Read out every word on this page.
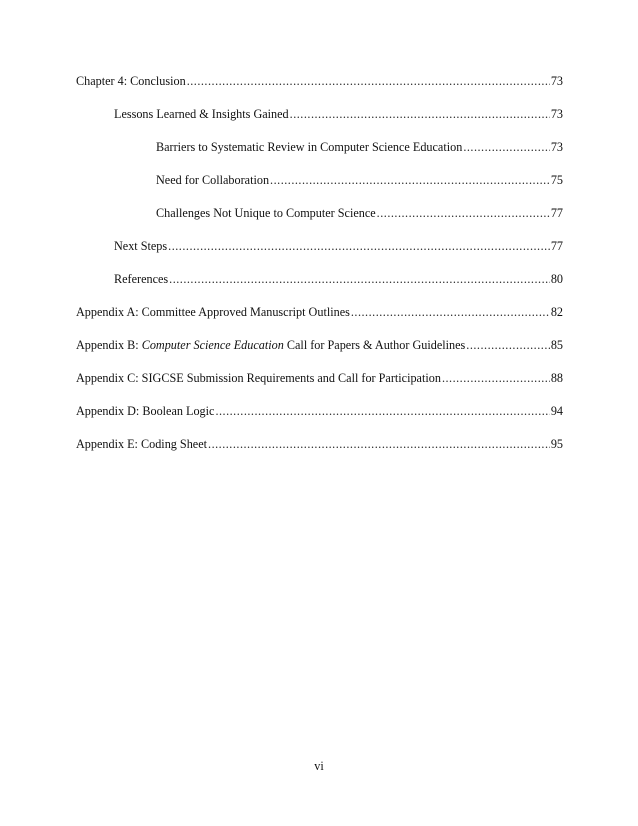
Chapter 4: Conclusion .....	73
Lessons Learned & Insights Gained .....	73
Barriers to Systematic Review in Computer Science Education .....	73
Need for Collaboration .....	75
Challenges Not Unique to Computer Science .....	77
Next Steps .....	77
References .....	80
Appendix A: Committee Approved Manuscript Outlines .....	82
Appendix B: Computer Science Education Call for Papers & Author Guidelines .....	85
Appendix C: SIGCSE Submission Requirements and Call for Participation .....	88
Appendix D: Boolean Logic .....	94
Appendix E: Coding Sheet .....	95
vi
